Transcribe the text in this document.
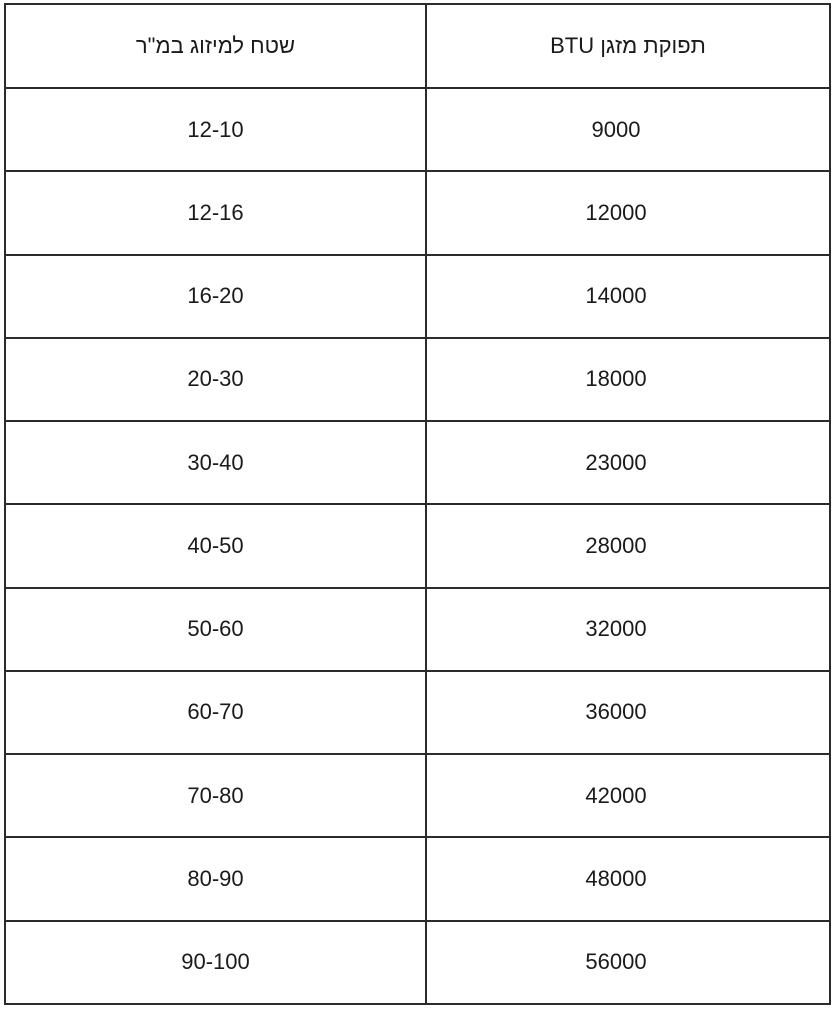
שטח למיזוג במ"ר	תפוקת מזגן BTU
12-10	9000
12-16	12000
16-20	14000
20-30	18000
30-40	23000
40-50	28000
50-60	32000
60-70	36000
70-80	42000
80-90	48000
90-100	56000
